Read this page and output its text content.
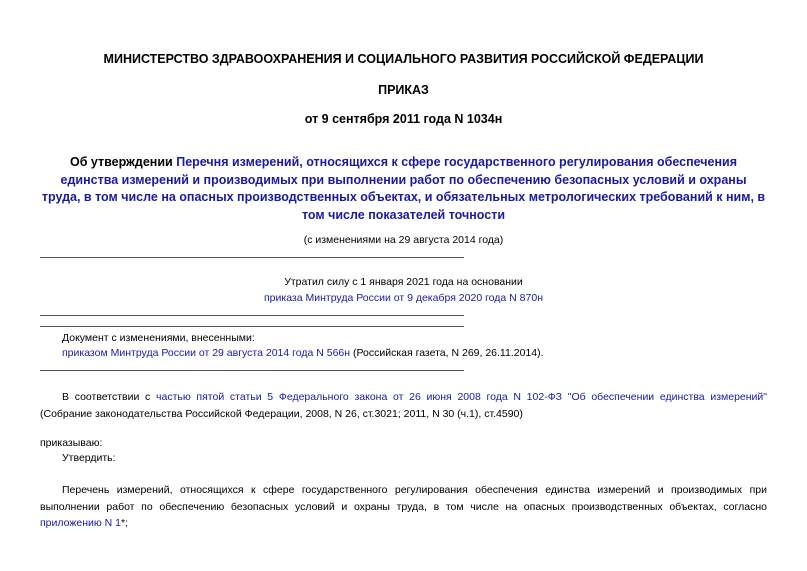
МИНИСТЕРСТВО ЗДРАВООХРАНЕНИЯ И СОЦИАЛЬНОГО РАЗВИТИЯ РОССИЙСКОЙ ФЕДЕРАЦИИ
ПРИКАЗ
от 9 сентября 2011 года N 1034н
Об утверждении Перечня измерений, относящихся к сфере государственного регулирования обеспечения единства измерений и производимых при выполнении работ по обеспечению безопасных условий и охраны труда, в том числе на опасных производственных объектах, и обязательных метрологических требований к ним, в том числе показателей точности
(с изменениями на 29 августа 2014 года)
Утратил силу с 1 января 2021 года на основании
приказа Минтруда России от 9 декабря 2020 года N 870н
Документ с изменениями, внесенными:
приказом Минтруда России от 29 августа 2014 года N 566н (Российская газета, N 269, 26.11.2014).
В соответствии с частью пятой статьи 5 Федерального закона от 26 июня 2008 года N 102-ФЗ "Об обеспечении единства измерений" (Собрание законодательства Российской Федерации, 2008, N 26, ст.3021; 2011, N 30 (ч.1), ст.4590)
приказываю:
Утвердить:
Перечень измерений, относящихся к сфере государственного регулирования обеспечения единства измерений и производимых при выполнении работ по обеспечению безопасных условий и охраны труда, в том числе на опасных производственных объектах, согласно приложению N 1*;
